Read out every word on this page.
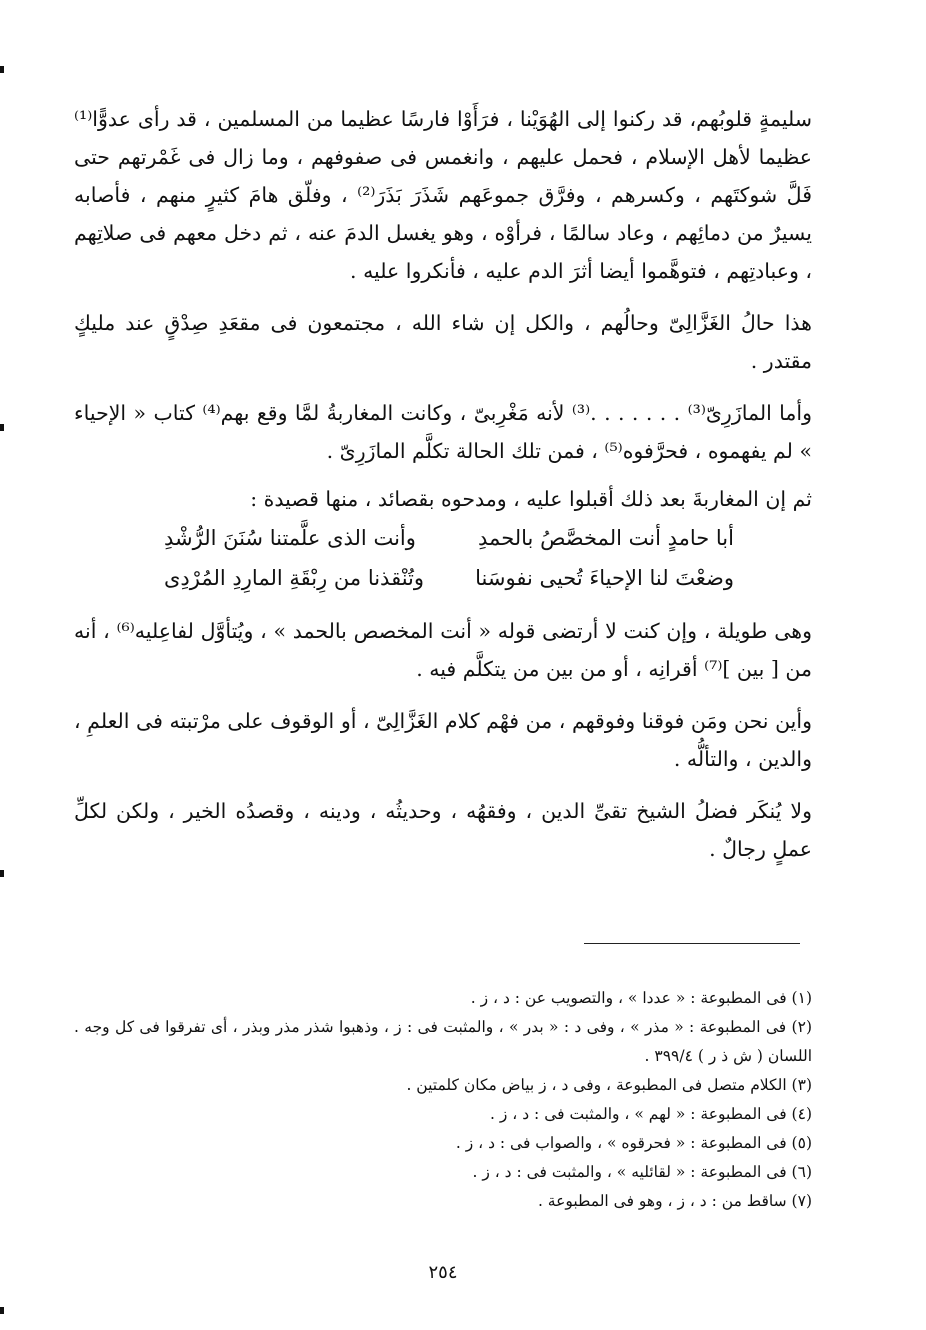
سليمةٍ قلوبُهم، قد ركنوا إلى الهُوَيْنا ، فرَأَوْا فارسًا عظيما من المسلمين ، قد رأى عدوًّا⁽¹⁾ عظيما لأهل الإسلام ، فحمل عليهم ، وانغمس فى صفوفهم ، وما زال فى غَمْرتهم حتى فَلَّ شوكتَهم ، وكسرهم ، وفرَّق جموعَهم شَذَرَ بَذَرَ⁽²⁾ ، وفلّق هامَ كثيرٍ منهم ، فأصابه يسيرٌ من دمائِهم ، وعاد سالمًا ، فرأوْه ، وهو يغسل الدمَ عنه ، ثم دخل معهم فى صلاتِهم ، وعبادتِهم ، فتوهَّموا أيضا أثرَ الدم عليه ، فأنكروا عليه .

هذا حالُ الغَزَّالِىّ وحالُهم ، والكل إن شاء الله ، مجتمعون فى مقعَدِ صِدْقٍ عند مليكٍ مقتدر .

وأما المازَرِىّ⁽³⁾ . . . . . . .⁽³⁾ لأنه مَغْرِبىّ ، وكانت المغاربةُ لمَّا وقع بهم⁽⁴⁾ كتاب « الإحياء » لم يفهموه ، فحرَّفوه⁽⁵⁾ ، فمن تلك الحالة تكلَّم المازَرِىّ .

ثم إن المغاربةَ بعد ذلك أقبلوا عليه ، ومدحوه بقصائد ، منها قصيدة :

أبا حامدٍ أنت المخصَّصُ بالحمدِ
وأنت الذى علَّمتنا سُنَنَ الرُّشْدِ
وضعْتَ لنا الإحياءَ تُحيى نفوسَنا
وتُنْقذنا من رِبْقَةِ المارِدِ المُرْدِى

وهى طويلة ، وإن كنت لا أرتضى قوله « أنت المخصص بالحمد » ، ويُتأوَّل لفاعِليه⁽⁶⁾ ، أنه من [ بين ]⁽⁷⁾ أقرانِه ، أو من بين من يتكلَّم فيه .

وأين نحن ومَن فوقنا وفوقهم ، من فهْم كلام الغَزَّالِىّ ، أو الوقوف على مرْتبته فى العلمِ ، والدين ، والتألُّه .

ولا يُنكَر فضلُ الشيخ تقىِّ الدين ، وفقهُه ، وحديثُه ، ودينه ، وقصدُه الخير ، ولكن لكلِّ عملٍ رجالٌ .

(١) فى المطبوعة : « عددا » ، والتصويب عن : د ، ز .

(٢) فى المطبوعة : « مذر » ، وفى د : « بدر » ، والمثبت فى : ز ، وذهبوا شذر مذر وبذر ، أى تفرقوا فى كل وجه . اللسان ( ش ذ ر ) ٣٩٩/٤ .

(٣) الكلام متصل فى المطبوعة ، وفى د ، ز بياض مكان كلمتين .

(٤) فى المطبوعة : « لهم » ، والمثبت فى : د ، ز .

(٥) فى المطبوعة : « فحرقوه » ، والصواب فى : د ، ز .

(٦) فى المطبوعة : « لقائليه » ، والمثبت فى : د ، ز .

(٧) ساقط من : د ، ز ، وهو فى المطبوعة .

٢٥٤
